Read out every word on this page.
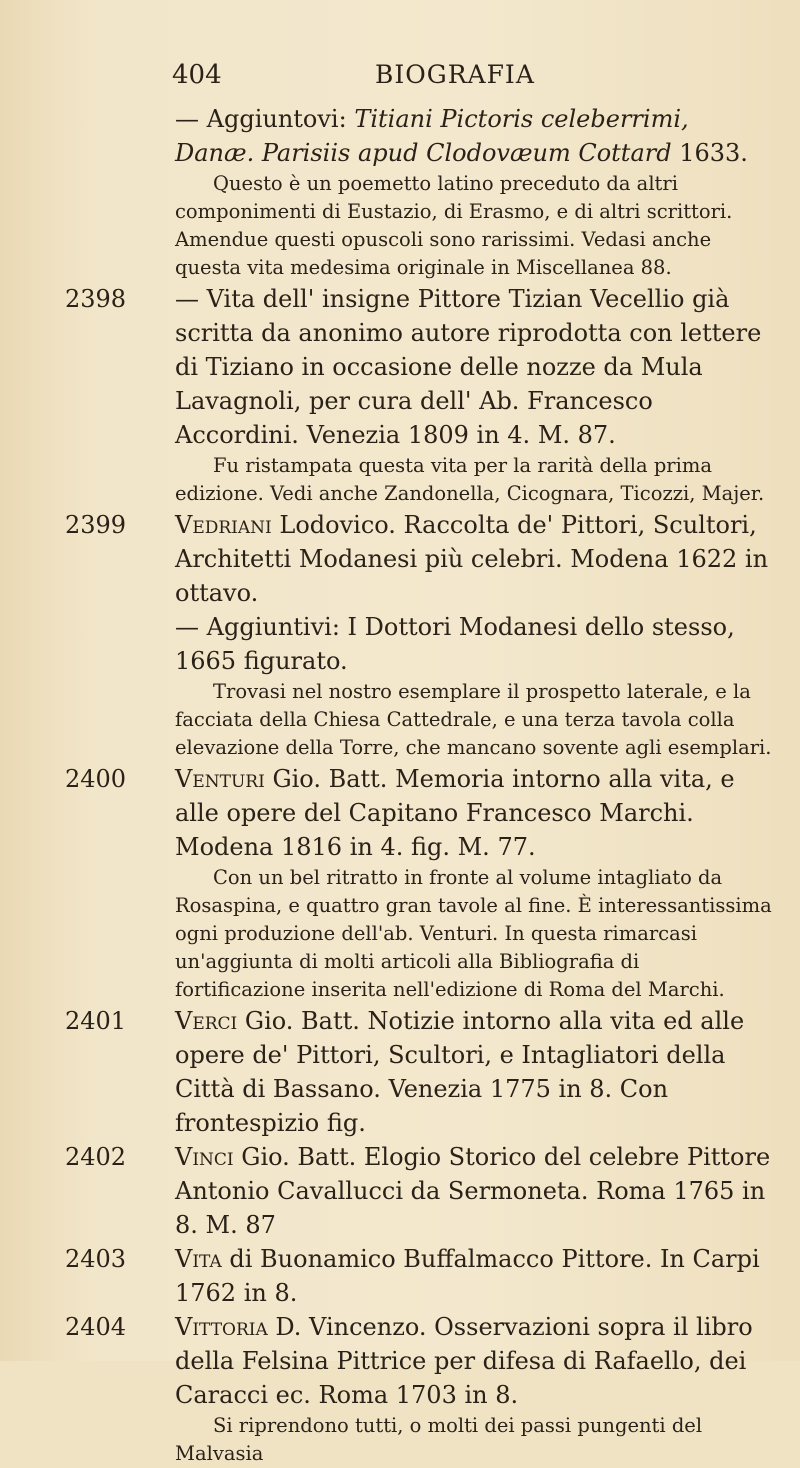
404	BIOGRAFIA

— Aggiuntovi: Titiani Pictoris celeberrimi, Danæ. Parisiis apud Clodovæum Cottard 1633.

Questo è un poemetto latino preceduto da altri componimenti di Eustazio, di Erasmo, e di altri scrittori. Amendue questi opuscoli sono rarissimi. Vedasi anche questa vita medesima originale in Miscellanea 88.

2398 — Vita dell' insigne Pittore Tizian Vecellio già scritta da anonimo autore riprodotta con lettere di Tiziano in occasione delle nozze da Mula Lavagnoli, per cura dell' Ab. Francesco Accordini. Venezia 1809 in 4. M. 87.

Fu ristampata questa vita per la rarità della prima edizione. Vedi anche Zandonella, Cicognara, Ticozzi, Majer.

2399 Vedriani Lodovico. Raccolta de' Pittori, Scultori, Architetti Modanesi più celebri. Modena 1622 in ottavo.

— Aggiuntivi: I Dottori Modanesi dello stesso, 1665 figurato.

Trovasi nel nostro esemplare il prospetto laterale, e la facciata della Chiesa Cattedrale, e una terza tavola colla elevazione della Torre, che mancano sovente agli esemplari.

2400 Venturi Gio. Batt. Memoria intorno alla vita, e alle opere del Capitano Francesco Marchi. Modena 1816 in 4. fig. M. 77.

Con un bel ritratto in fronte al volume intagliato da Rosaspina, e quattro gran tavole al fine. È interessantissima ogni produzione dell'ab. Venturi. In questa rimarcasi un'aggiunta di molti articoli alla Bibliografia di fortificazione inserita nell'edizione di Roma del Marchi.

2401 Verci Gio. Batt. Notizie intorno alla vita ed alle opere de' Pittori, Scultori, e Intagliatori della Città di Bassano. Venezia 1775 in 8. Con frontespizio fig.

2402 Vinci Gio. Batt. Elogio Storico del celebre Pittore Antonio Cavallucci da Sermoneta. Roma 1765 in 8. M. 87

2403 Vita di Buonamico Buffalmacco Pittore. In Carpi 1762 in 8.

2404 Vittoria D. Vincenzo. Osservazioni sopra il libro della Felsina Pittrice per difesa di Rafaello, dei Caracci ec. Roma 1703 in 8.

Si riprendono tutti, o molti dei passi pungenti del Malvasia
